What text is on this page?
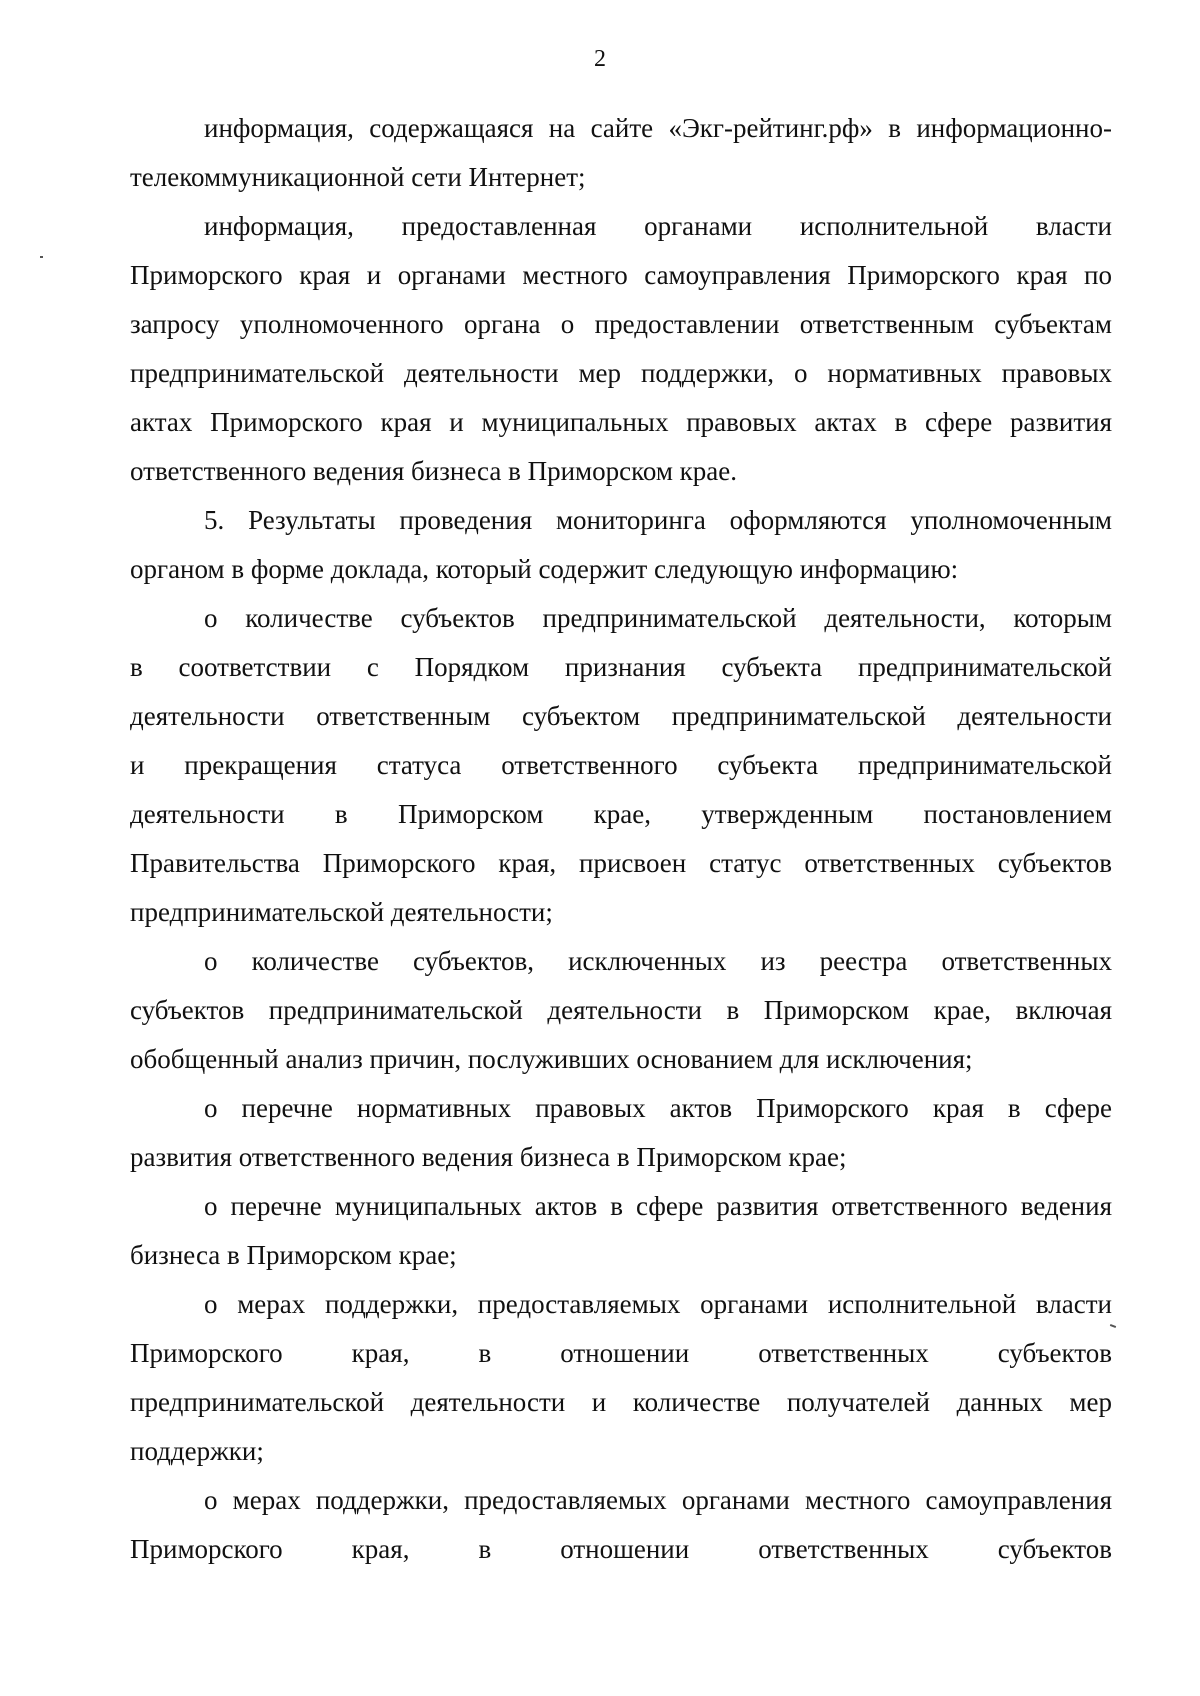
2
информация, содержащаяся на сайте «Экг-рейтинг.рф» в информационно-
телекоммуникационной сети Интернет;
информация, предоставленная органами исполнительной власти
Приморского края и органами местного самоуправления Приморского края по
запросу уполномоченного органа о предоставлении ответственным субъектам
предпринимательской деятельности мер поддержки, о нормативных правовых
актах Приморского края и муниципальных правовых актах в сфере развития
ответственного ведения бизнеса в Приморском крае.
5. Результаты проведения мониторинга оформляются уполномоченным
органом в форме доклада, который содержит следующую информацию:
о количестве субъектов предпринимательской деятельности, которым
в соответствии с Порядком признания субъекта предпринимательской
деятельности ответственным субъектом предпринимательской деятельности
и прекращения статуса ответственного субъекта предпринимательской
деятельности в Приморском крае, утвержденным постановлением
Правительства Приморского края, присвоен статус ответственных субъектов
предпринимательской деятельности;
о количестве субъектов, исключенных из реестра ответственных
субъектов предпринимательской деятельности в Приморском крае, включая
обобщенный анализ причин, послуживших основанием для исключения;
о перечне нормативных правовых актов Приморского края в сфере
развития ответственного ведения бизнеса в Приморском крае;
о перечне муниципальных актов в сфере развития ответственного ведения
бизнеса в Приморском крае;
о мерах поддержки, предоставляемых органами исполнительной власти
Приморского края, в отношении ответственных субъектов
предпринимательской деятельности и количестве получателей данных мер
поддержки;
о мерах поддержки, предоставляемых органами местного самоуправления
Приморского края, в отношении ответственных субъектов
